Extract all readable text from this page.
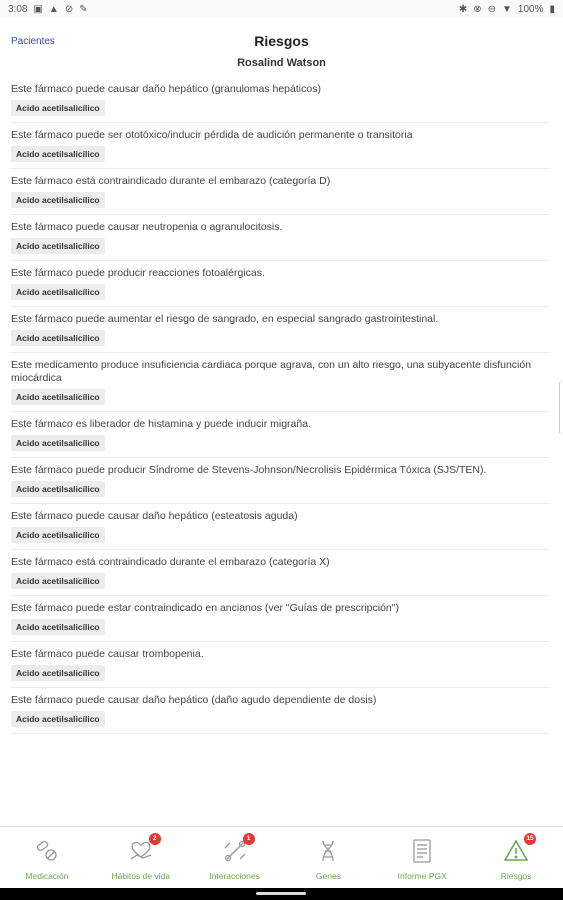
3:08 ▣ ▲ ⊘ ✎	✱ ⊗ ⊖ ▼ 100% ▮
Pacientes	Riesgos
Rosalind Watson
Este fármaco puede causar daño hepático (granulomas hepáticos)
Acido acetilsalicílico
Este fármaco puede ser ototóxico/inducir pérdida de audición permanente o transitoria
Acido acetilsalicílico
Este fármaco está contraindicado durante el embarazo (categoría D)
Acido acetilsalicílico
Este fármaco puede causar neutropenia o agranulocitosis.
Acido acetilsalicílico
Este fármaco puede producir reacciones fotoalérgicas.
Acido acetilsalicílico
Este fármaco puede aumentar el riesgo de sangrado, en especial sangrado gastrointestinal.
Acido acetilsalicílico
Este medicamento produce insuficiencia cardiaca porque agrava, con un alto riesgo, una subyacente disfunción miocárdica
Acido acetilsalicílico
Este fármaco es liberador de histamina y puede inducir migraña.
Acido acetilsalicílico
Este fármaco puede producir Síndrome de Stevens-Johnson/Necrolisis Epidérmica Tóxica (SJS/TEN).
Acido acetilsalicílico
Este fármaco puede causar daño hepático (esteatosis aguda)
Acido acetilsalicílico
Este fármaco está contraindicado durante el embarazo (categoría X)
Acido acetilsalicílico
Este fármaco puede estar contraindicado en ancianos (ver "Guías de prescripción")
Acido acetilsalicílico
Este fármaco puede causar trombopenia.
Acido acetilsalicílico
Este fármaco puede causar daño hepático (daño agudo dependiente de dosis)
Acido acetilsalicílico
Medicación
2
Hábitos de vida
1
Interacciones	Genes	Informe PGX
15
Riesgos
